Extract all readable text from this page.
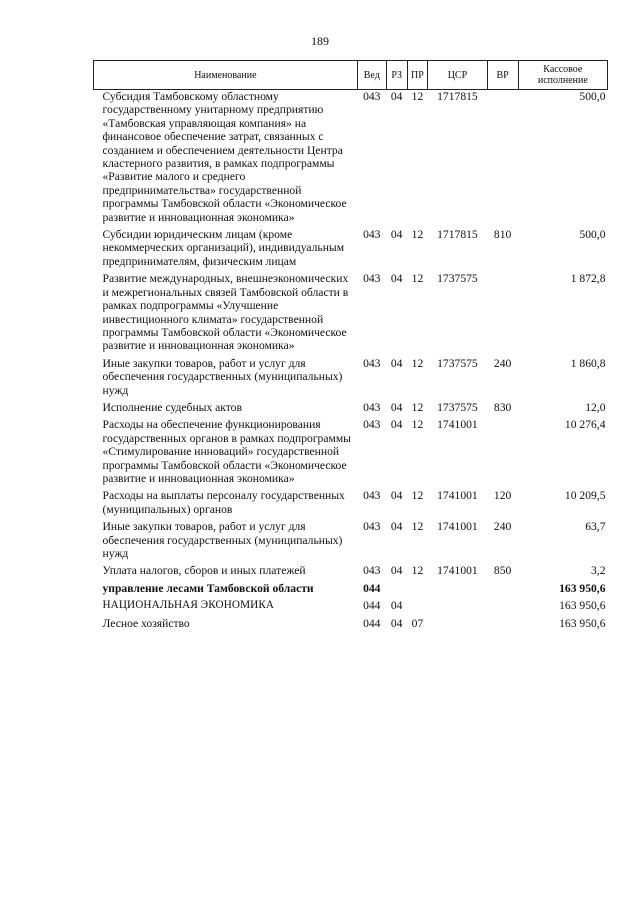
189
Наименование	Вед	РЗ	ПР	ЦСР	ВР	Кассовое исполнение
Субсидия Тамбовскому областному государственному унитарному предприятию «Тамбовская управляющая компания» на финансовое обеспечение затрат, связанных с созданием и обеспечением деятельности Центра кластерного развития, в рамках подпрограммы «Развитие малого и среднего предпринимательства» государственной программы Тамбовской области «Экономическое развитие и инновационная экономика»	043	04	12	1717815		500,0
Субсидии юридическим лицам (кроме некоммерческих организаций), индивидуальным предпринимателям, физическим лицам	043	04	12	1717815	810	500,0
Развитие международных, внешнеэкономических и межрегиональных связей Тамбовской области в рамках подпрограммы «Улучшение инвестиционного климата» государственной программы Тамбовской области «Экономическое развитие и инновационная экономика»	043	04	12	1737575		1 872,8
Иные закупки товаров, работ и услуг для обеспечения государственных (муниципальных) нужд	043	04	12	1737575	240	1 860,8
Исполнение судебных актов	043	04	12	1737575	830	12,0
Расходы на обеспечение функционирования государственных органов в рамках подпрограммы «Стимулирование инноваций» государственной программы Тамбовской области «Экономическое развитие и инновационная экономика»	043	04	12	1741001		10 276,4
Расходы на выплаты персоналу государственных (муниципальных) органов	043	04	12	1741001	120	10 209,5
Иные закупки товаров, работ и услуг для обеспечения государственных (муниципальных) нужд	043	04	12	1741001	240	63,7
Уплата налогов, сборов и иных платежей	043	04	12	1741001	850	3,2
управление лесами Тамбовской области	044					163 950,6
НАЦИОНАЛЬНАЯ ЭКОНОМИКА	044	04				163 950,6
Лесное хозяйство	044	04	07			163 950,6
